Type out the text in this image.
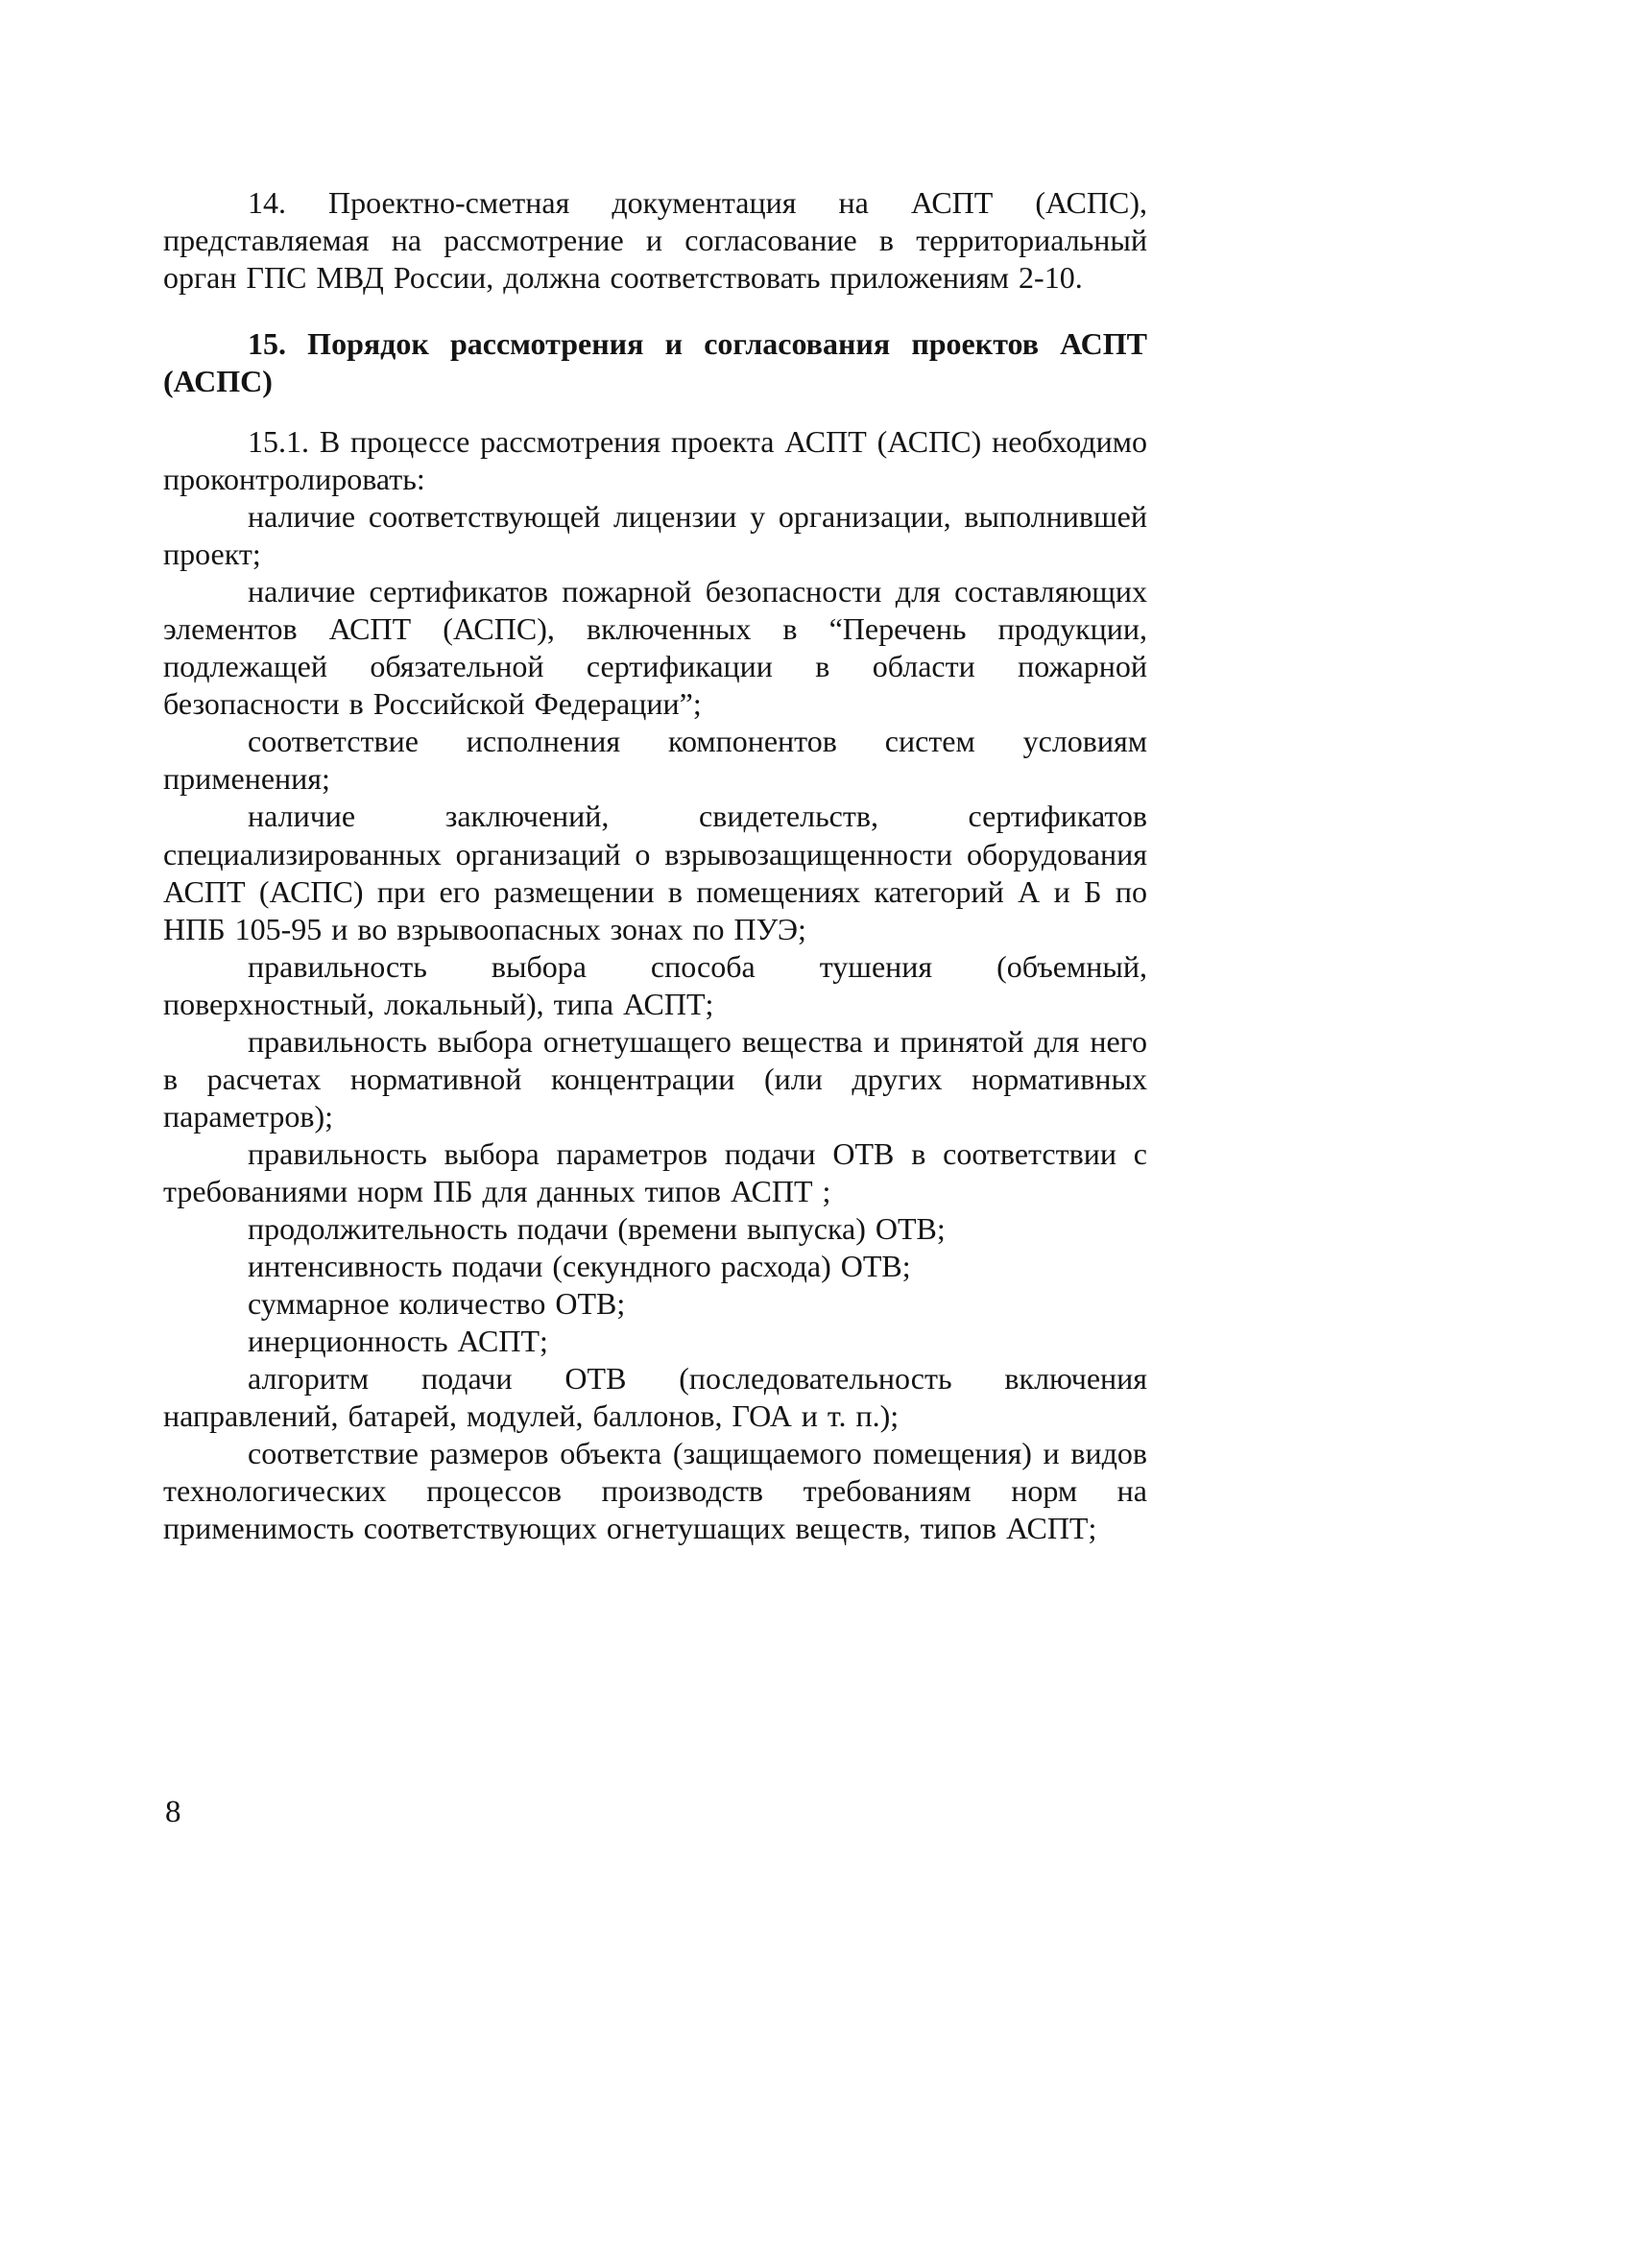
14. Проектно-сметная документация на АСПТ (АСПС), представляемая на рассмотрение и согласование в территориальный орган ГПС МВД России, должна соответствовать приложениям 2-10.

15. Порядок рассмотрения и согласования проектов АСПТ (АСПС)

15.1. В процессе рассмотрения проекта АСПТ (АСПС) необходимо проконтролировать:

наличие соответствующей лицензии у организации, выполнившей проект;

наличие сертификатов пожарной безопасности для составляющих элементов АСПТ (АСПС), включенных в “Перечень продукции, подлежащей обязательной сертификации в области пожарной безопасности в Российской Федерации”;

соответствие исполнения компонентов систем условиям применения;

наличие заключений, свидетельств, сертификатов специализированных организаций о взрывозащищенности оборудования АСПТ (АСПС) при его размещении в помещениях категорий А и Б по НПБ 105-95 и во взрывоопасных зонах по ПУЭ;

правильность выбора способа тушения (объемный, поверхностный, локальный), типа АСПТ;

правильность выбора огнетушащего вещества и принятой для него в расчетах нормативной концентрации (или других нормативных параметров);

правильность выбора параметров подачи ОТВ в соответствии с требованиями норм ПБ для данных типов АСПТ ;

продолжительность подачи (времени выпуска) ОТВ;

интенсивность подачи (секундного расхода) ОТВ;

суммарное количество ОТВ;

инерционность АСПТ;

алгоритм подачи ОТВ (последовательность включения направлений, батарей, модулей, баллонов, ГОА и т. п.);

соответствие размеров объекта (защищаемого помещения) и видов технологических процессов производств требованиям норм на применимость соответствующих огнетушащих веществ, типов АСПТ;

8
